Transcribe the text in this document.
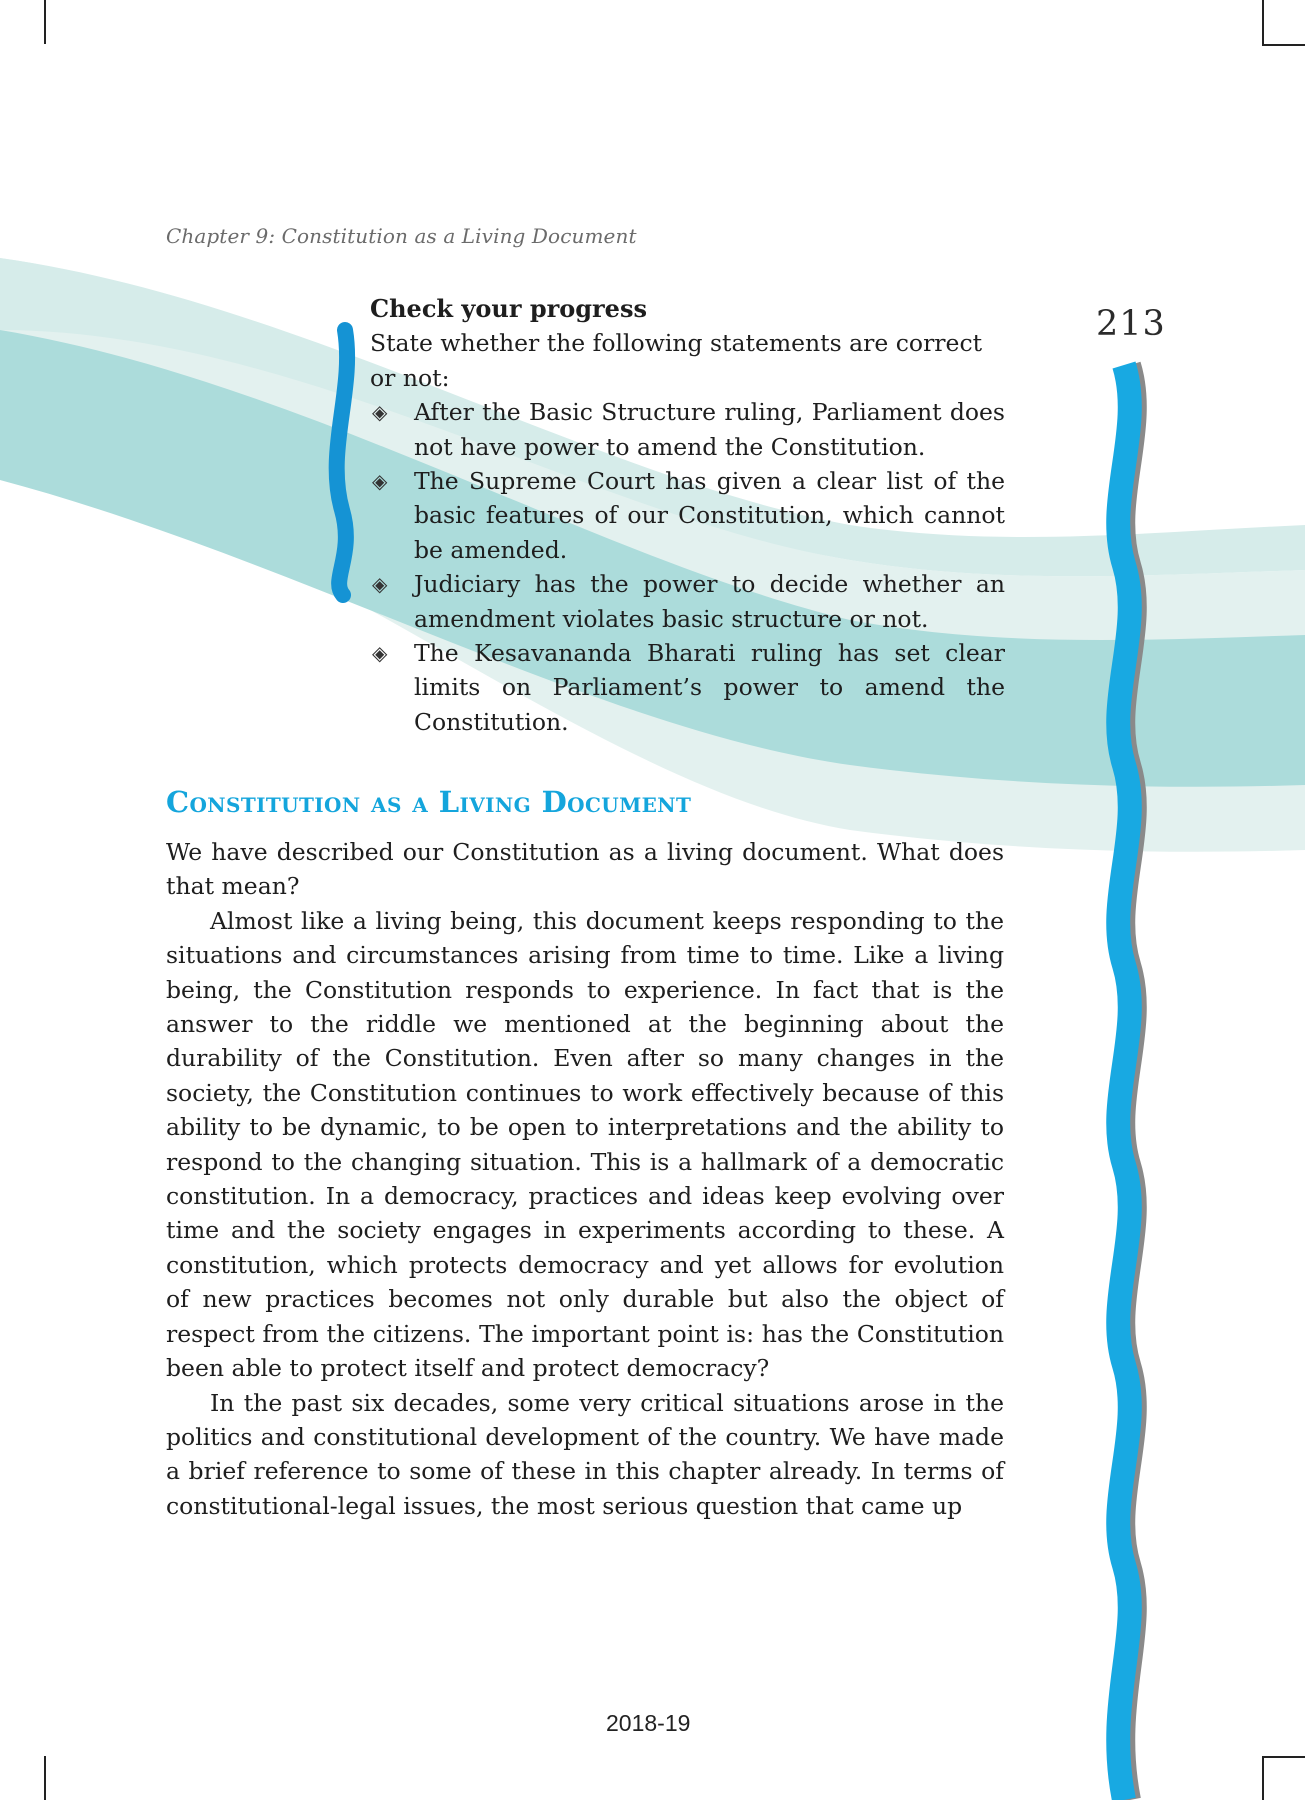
Chapter 9: Constitution as a Living Document
213
Check your progress
State whether the following statements are correct or not:
◈ After the Basic Structure ruling, Parliament does not have power to amend the Constitution.
◈ The Supreme Court has given a clear list of the basic features of our Constitution, which cannot be amended.
◈ Judiciary has the power to decide whether an amendment violates basic structure or not.
◈ The Kesavananda Bharati ruling has set clear limits on Parliament’s power to amend the Constitution.
Constitution as a Living Document

We have described our Constitution as a living document. What does that mean?

Almost like a living being, this document keeps responding to the situations and circumstances arising from time to time. Like a living being, the Constitution responds to experience. In fact that is the answer to the riddle we mentioned at the beginning about the durability of the Constitution. Even after so many changes in the society, the Constitution continues to work effectively because of this ability to be dynamic, to be open to interpretations and the ability to respond to the changing situation. This is a hallmark of a democratic constitution. In a democracy, practices and ideas keep evolving over time and the society engages in experiments according to these. A constitution, which protects democracy and yet allows for evolution of new practices becomes not only durable but also the object of respect from the citizens. The important point is: has the Constitution been able to protect itself and protect democracy?

In the past six decades, some very critical situations arose in the politics and constitutional development of the country. We have made a brief reference to some of these in this chapter already. In terms of constitutional-legal issues, the most serious question that came up

2018-19
